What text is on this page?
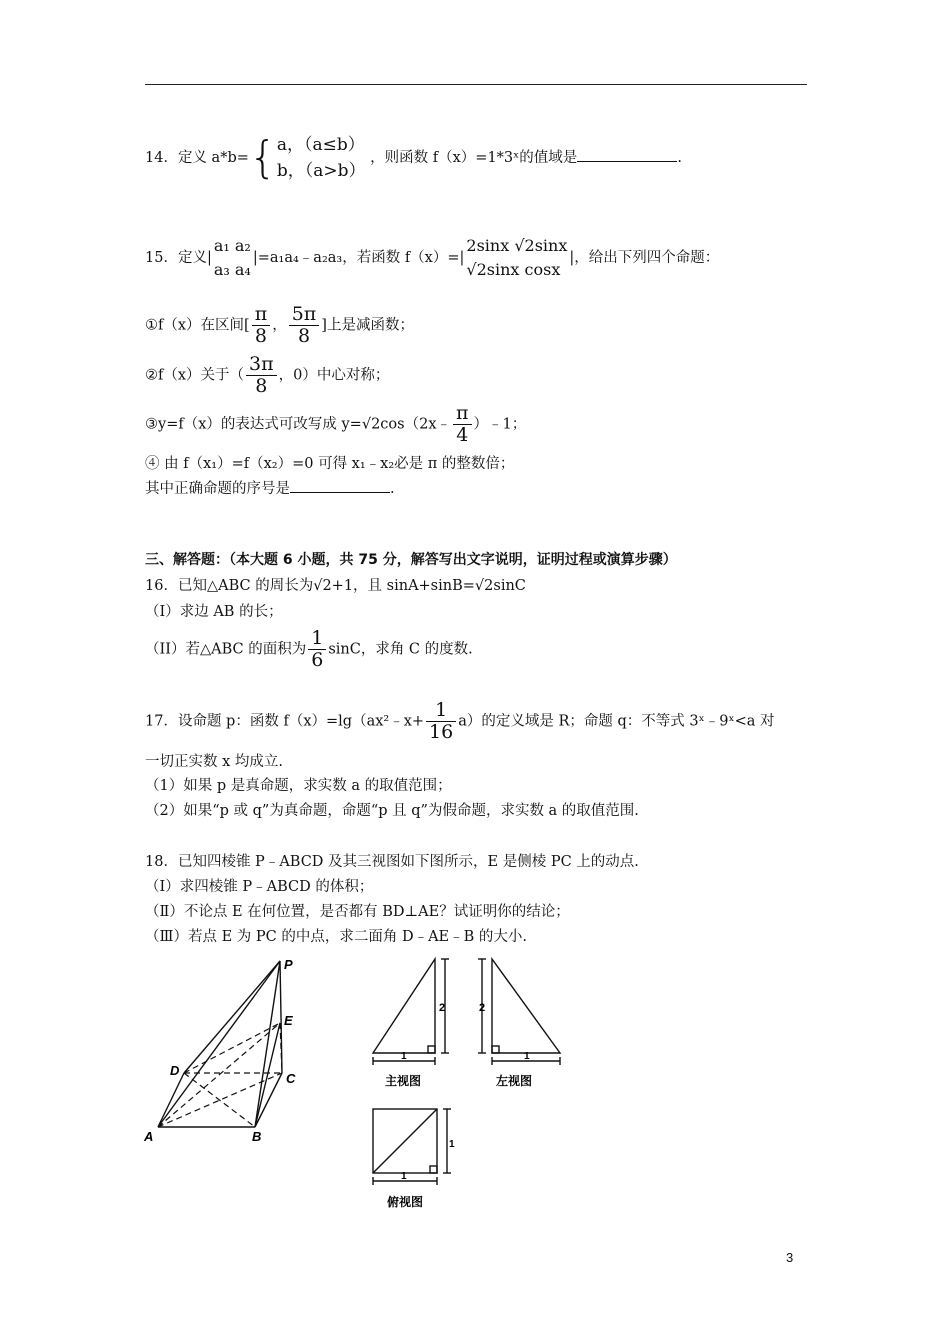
14．定义 a*b={ a，（a≤b）
b，（a>b）
，则函数 f（x）=1*3ˣ的值域是	.
15．定义|
a₁ a₂
a₃ a₄
|=a₁a₄﹣a₂a₃，若函数 f（x）=|
2sinx √2sinx
√2sinx cosx
|，给出下列四个命题：
①f（x）在区间[ $\frac{\pi}{8}$ ， $\frac{5\pi}{8}$ ]上是减函数；
②f（x）关于（ $\frac{3\pi}{8}$ ，0）中心对称；
③y=f（x）的表达式可改写成 y=√2cos（2x﹣ $\frac{\pi}{4}$ ）﹣1；
④ 由 f（x₁）=f（x₂）=0 可得 x₁﹣x₂必是 π 的整数倍；
其中正确命题的序号是	.
三、解答题：（本大题 6 小题，共 75 分，解答写出文字说明，证明过程或演算步骤）
16．已知△ABC 的周长为√2+1，且 sinA+sinB=√2sinC
（I）求边 AB 的长；
（II）若△ABC 的面积为 $\frac{1}{6}$ sinC，求角 C 的度数.
17．设命题 p：函数 f（x）=lg（ax²﹣x+ $\frac{1}{16} a$）的定义域是 R；命题 q：不等式 3ˣ﹣9ˣ<a 对
一切正实数 x 均成立.
（1）如果 p 是真命题，求实数 a 的取值范围；
（2）如果“p 或 q”为真命题，命题“p 且 q”为假命题，求实数 a 的取值范围.
18．已知四棱锥 P﹣ABCD 及其三视图如下图所示，E 是侧棱 PC 上的动点.
（Ⅰ）求四棱锥 P﹣ABCD 的体积；
（Ⅱ）不论点 E 在何位置，是否都有 BD⊥AE？试证明你的结论；
（Ⅲ）若点 E 为 PC 的中点，求二面角 D﹣AE﹣B 的大小.
P
E
D
C
A	B
2
1
主视图
2
1
左视图
1
1
俯视图
3
